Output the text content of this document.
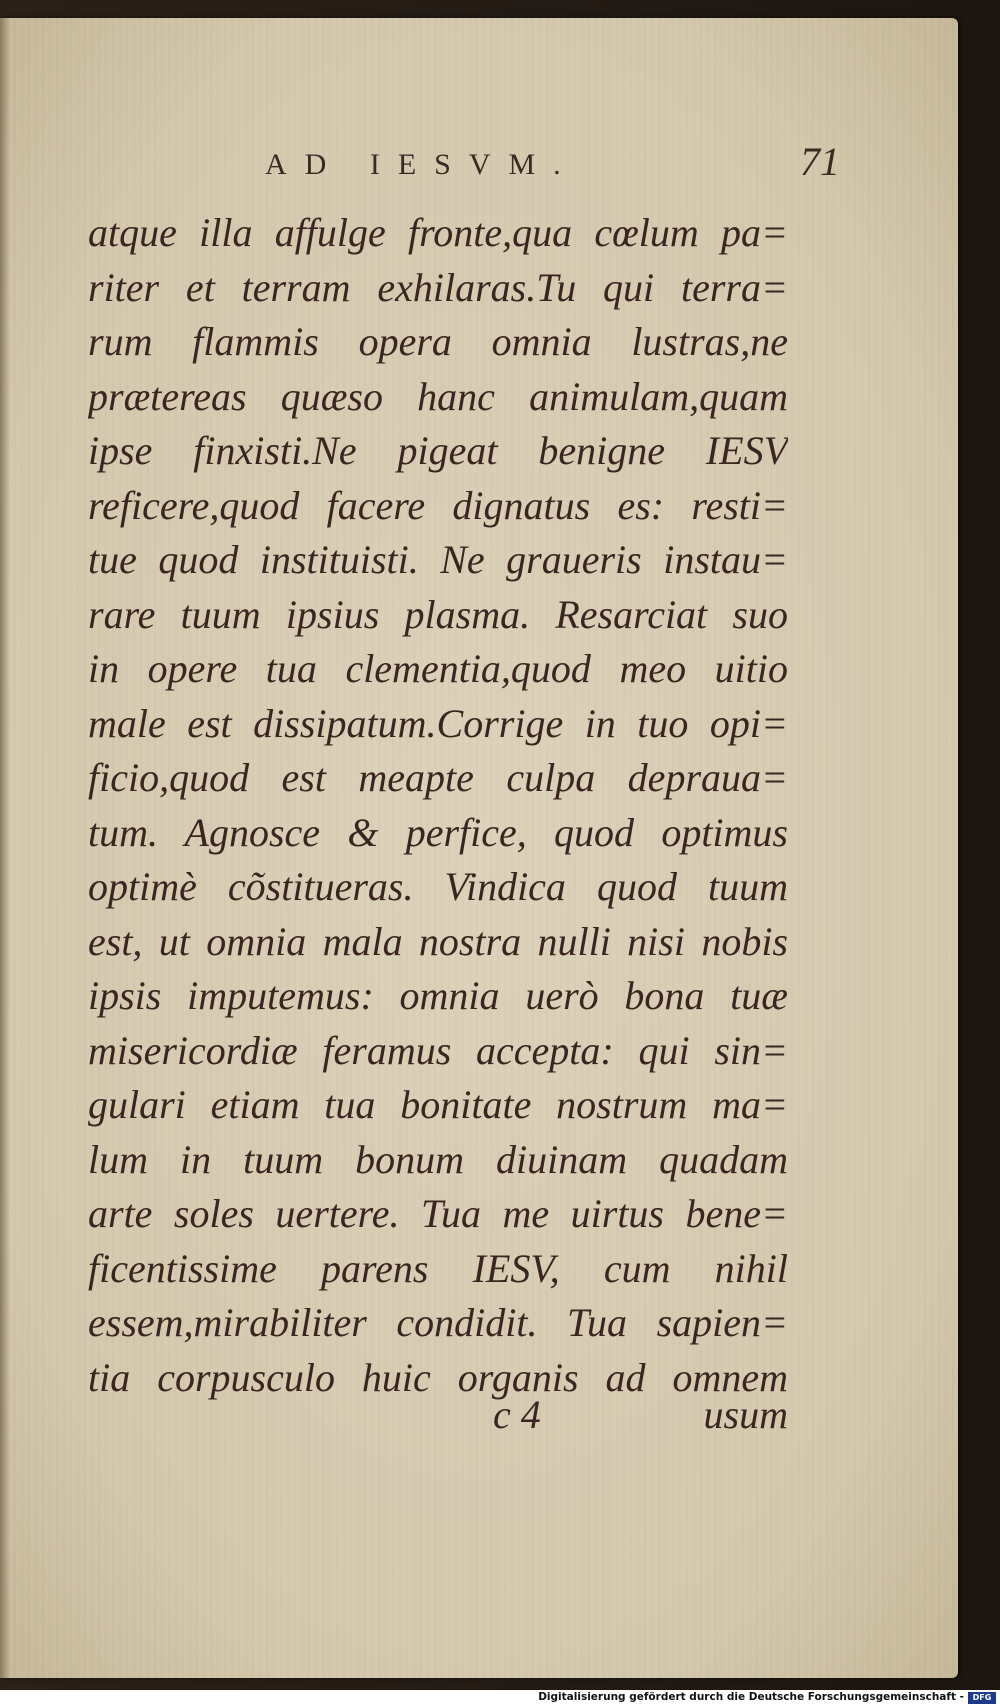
AD IESVM.	71
atque illa affulge fronte,qua cœlum pa=
riter et terram exhilaras.Tu qui terra=
rum flammis opera omnia lustras,ne
prætereas quæso hanc animulam,quam
ipse finxisti.Ne pigeat benigne IESV
reficere,quod facere dignatus es: resti=
tue quod instituisti. Ne graueris instau=
rare tuum ipsius plasma. Resarciat suo
in opere tua clementia,quod meo uitio
male est dissipatum.Corrige in tuo opi=
ficio,quod est meapte culpa deprauа=
tum. Agnosce & perfice, quod optimus
optimè cõstitueras. Vindica quod tuum
est, ut omnia mala nostra nulli nisi nobis
ipsis imputemus: omnia uerò bona tuæ
misericordiæ feramus accepta: qui sin=
gulari etiam tua bonitate nostrum ma=
lum in tuum bonum diuinam quadam
arte soles uertere. Tua me uirtus bene=
ficentissime parens IESV, cum nihil
essem,mirabiliter condidit. Tua sapien=
tia corpusculo huic organis ad omnem
c 4	usum
Digitalisierung gefördert durch die Deutsche Forschungsgemeinschaft -	DFG
